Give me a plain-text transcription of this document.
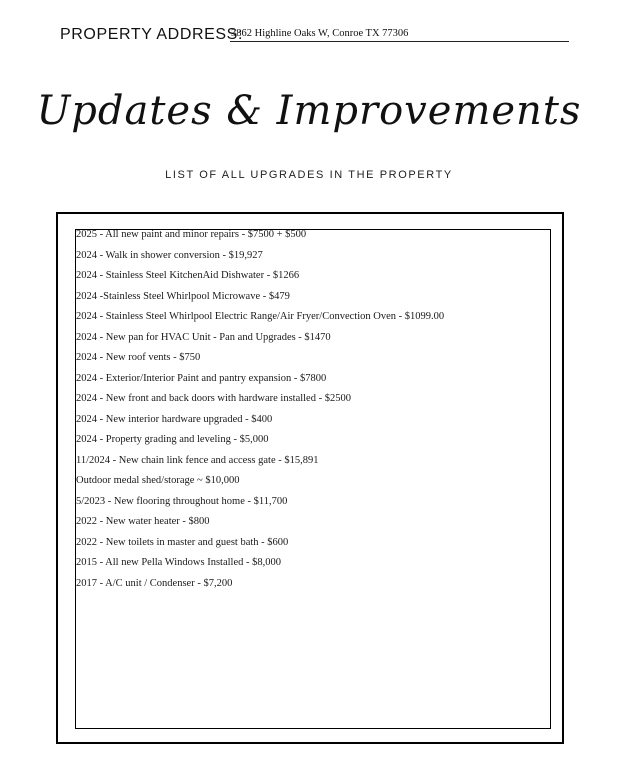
PROPERTY ADDRESS:
3862 Highline Oaks W, Conroe TX 77306
Updates & Improvements
LIST OF ALL UPGRADES IN THE PROPERTY
2025 - All new paint and minor repairs - $7500 + $500
2024 - Walk in shower conversion - $19,927
2024 - Stainless Steel KitchenAid Dishwater - $1266
2024 -Stainless Steel Whirlpool Microwave - $479
2024 - Stainless Steel Whirlpool Electric Range/Air Fryer/Convection Oven - $1099.00
2024 - New pan for HVAC Unit - Pan and Upgrades - $1470
2024 - New roof vents - $750
2024 - Exterior/Interior Paint and pantry expansion - $7800
2024 - New front and back doors with hardware installed - $2500
2024 - New interior hardware upgraded - $400
2024 - Property grading and leveling - $5,000
11/2024 - New chain link fence and access gate - $15,891
Outdoor medal shed/storage ~ $10,000
5/2023 - New flooring throughout home - $11,700
2022 - New water heater - $800
2022 - New toilets in master and guest bath - $600
2015 - All new Pella Windows Installed - $8,000
2017 - A/C unit / Condenser - $7,200
